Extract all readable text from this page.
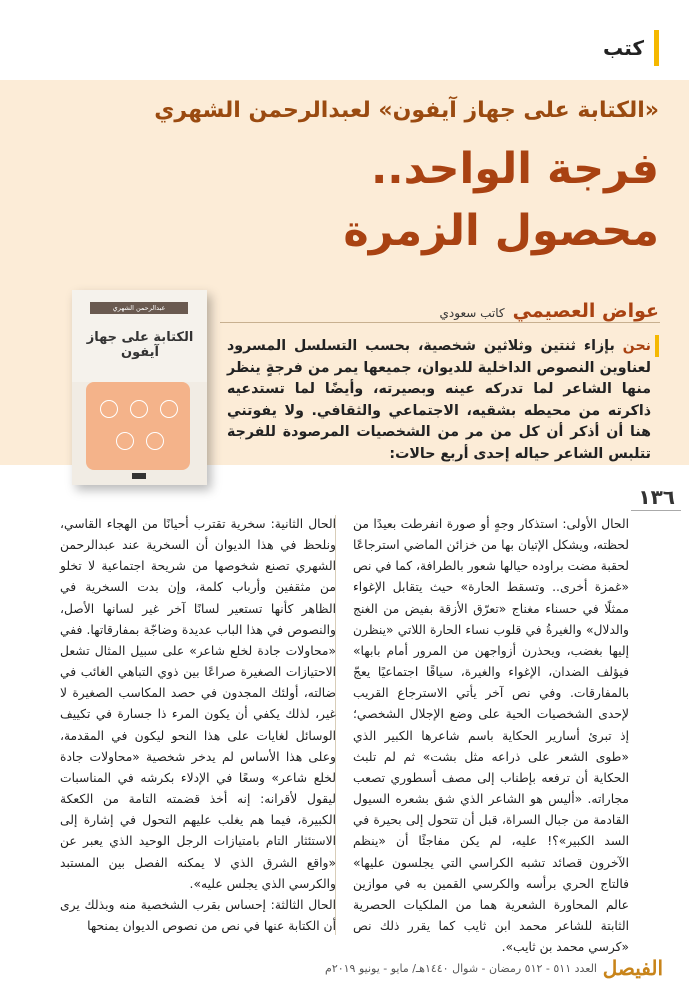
كتب
«الكتابة على جهاز آيفون» لعبدالرحمن الشهري
فرجة الواحد..
محصول الزمرة
عواض العصيمي
كاتب سعودي
نحن بإزاء ثنتين وثلاثين شخصية، بحسب التسلسل المسرود لعناوين النصوص الداخلية للديوان، جميعها يمر من فرجةٍ ينظر منها الشاعر لما تدركه عينه وبصيرته، وأيضًا لما تستدعيه ذاكرته من محيطه بشقيه، الاجتماعي والثقافي. ولا يفوتني هنا أن أذكر أن كل من مر من الشخصيات المرصودة للفرجة تتلبس الشاعر حياله إحدى أربع حالات:
عبدالرحمن الشهري
الكتابة على جهاز آيفون
١٣٦

الحال الأولى: استذكار وجهٍ أو صورة انفرطت بعيدًا من لحظته، ويشكل الإتيان بها من خزائن الماضي استرجاعًا لحقبة مضت براوده حيالها شعور بالطرافة، كما في نص «غمزة أخرى.. وتسقط الحارة» حيث يتقابل الإغواء ممثلًا في حسناء مغناج «تعرّق الأزقة بفيض من الغنج والدلال» والغيرةُ في قلوب نساء الحارة اللاتي «ينظرن إليها بغضب، ويحذرن أزواجهن من المرور أمام بابها» فيؤلف الضدان، الإغواء والغيرة، سياقًا اجتماعيًا يعجّ بالمفارقات. وفي نص آخر يأتي الاسترجاع القريب لإحدى الشخصيات الحية على وضع الإجلال الشخصي؛ إذ تبرئ أسارير الحكاية باسم شاعرها الكبير الذي «طوى الشعر على ذراعه مثل بشت» ثم لم تلبث الحكاية أن ترفعه بإطناب إلى مصف أسطوري تصعب مجاراته. «أليس هو الشاعر الذي شق بشعره السيول القادمة من جبال السراة، قبل أن تتحول إلى بحيرة في السد الكبير»؟! عليه، لم يكن مفاجئًا أن «ينظم الآخرون قصائد تشبه الكراسي التي يجلسون عليها» فالتاج الحري برأسه والكرسي القمين به في موازين عالم المحاورة الشعرية هما من الملكيات الحصرية الثابتة للشاعر محمد ابن ثايب كما يقرر ذلك نص «كرسي محمد بن ثايب».

الحال الثانية: سخرية تقترب أحيانًا من الهجاء القاسي، ونلحظ في هذا الديوان أن السخرية عند عبدالرحمن الشهري تصنع شخوصها من شريحة اجتماعية لا تخلو من مثقفين وأرباب كلمة، وإن بدت السخرية في الظاهر كأنها تستعير لسانًا آخر غير لسانها الأصل، والنصوص في هذا الباب عديدة وضاجّة بمفارقاتها. ففي «محاولات جادة لخلع شاعر» على سبيل المثال تشعل الاحتيازات الصغيرة صراعًا بين ذوي التباهي الغائب في ضالته، أولئك المجدون في حصد المكاسب الصغيرة لا غير، لذلك يكفي أن يكون المرء ذا جسارة في تكييف الوسائل لغايات على هذا النحو ليكون في المقدمة، وعلى هذا الأساس لم يدخر شخصية «محاولات جادة لخلع شاعر» وسعًا في الإدلاء بكرشه في المناسبات ليقول لأقرانه: إنه أخذ قضمته التامة من الكعكة الكبيرة، فيما هم يغلب عليهم التحول في إشارة إلى الاستئثار التام بامتيازات الرجل الوحيد الذي يعبر عن «واقع الشرق الذي لا يمكنه الفصل بين المستبد والكرسي الذي يجلس عليه».

الحال الثالثة: إحساس بقرب الشخصية منه وبذلك يرى أن الكتابة عنها في نص من نصوص الديوان يمنحها

العدد ٥١١ - ٥١٢ رمضان - شوال ١٤٤٠هـ/ مايو - يونيو ٢٠١٩م الفيصل
